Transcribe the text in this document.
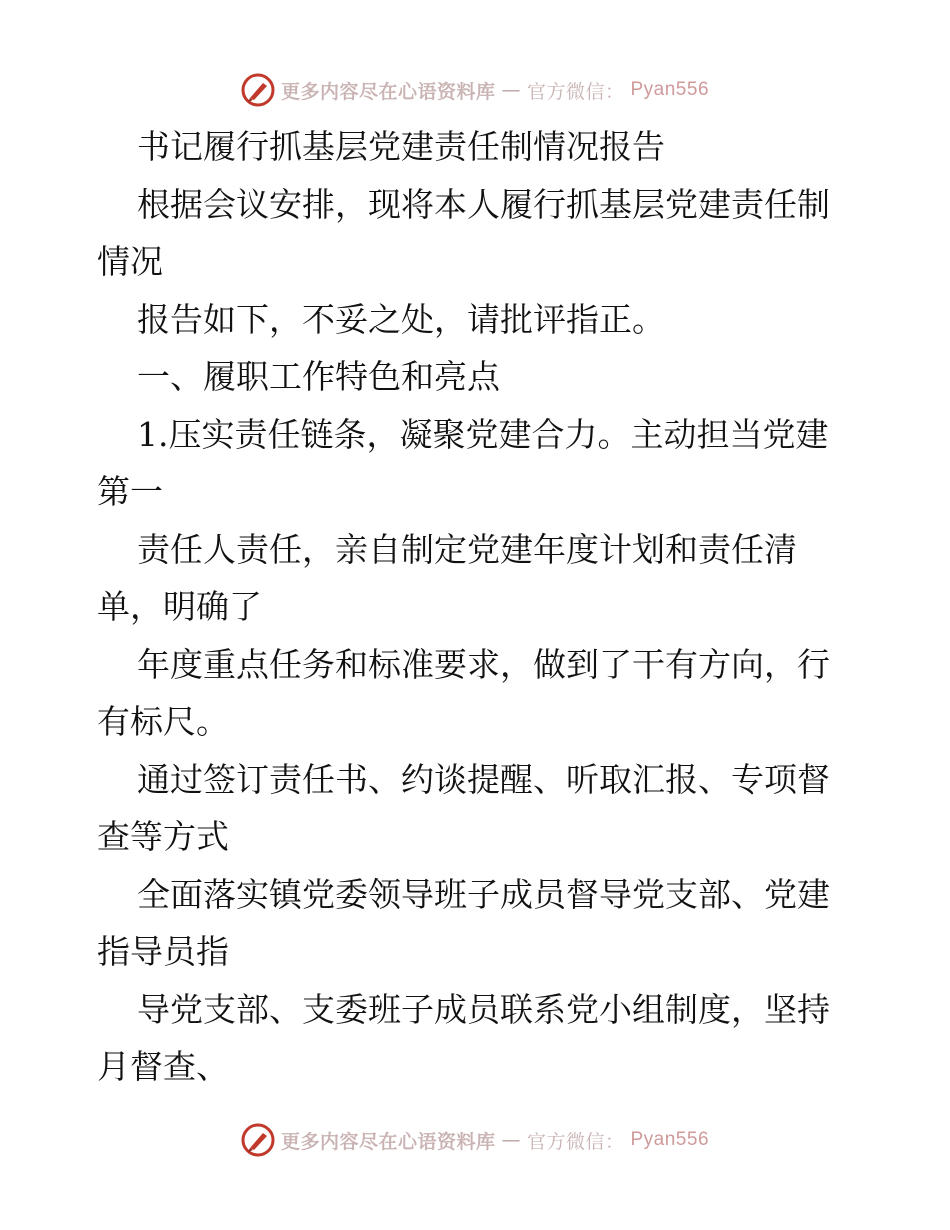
更多内容尽在心语资料库 — 官方微信： Pyan556
书记履行抓基层党建责任制情况报告
根据会议安排，现将本人履行抓基层党建责任制
情况
报告如下，不妥之处，请批评指正。
一、履职工作特色和亮点
1.压实责任链条，凝聚党建合力。主动担当党建
第一
责任人责任，亲自制定党建年度计划和责任清
单，明确了
年度重点任务和标准要求，做到了干有方向，行
有标尺。
通过签订责任书、约谈提醒、听取汇报、专项督
查等方式
全面落实镇党委领导班子成员督导党支部、党建
指导员指
导党支部、支委班子成员联系党小组制度，坚持
月督查、
更多内容尽在心语资料库 — 官方微信： Pyan556
